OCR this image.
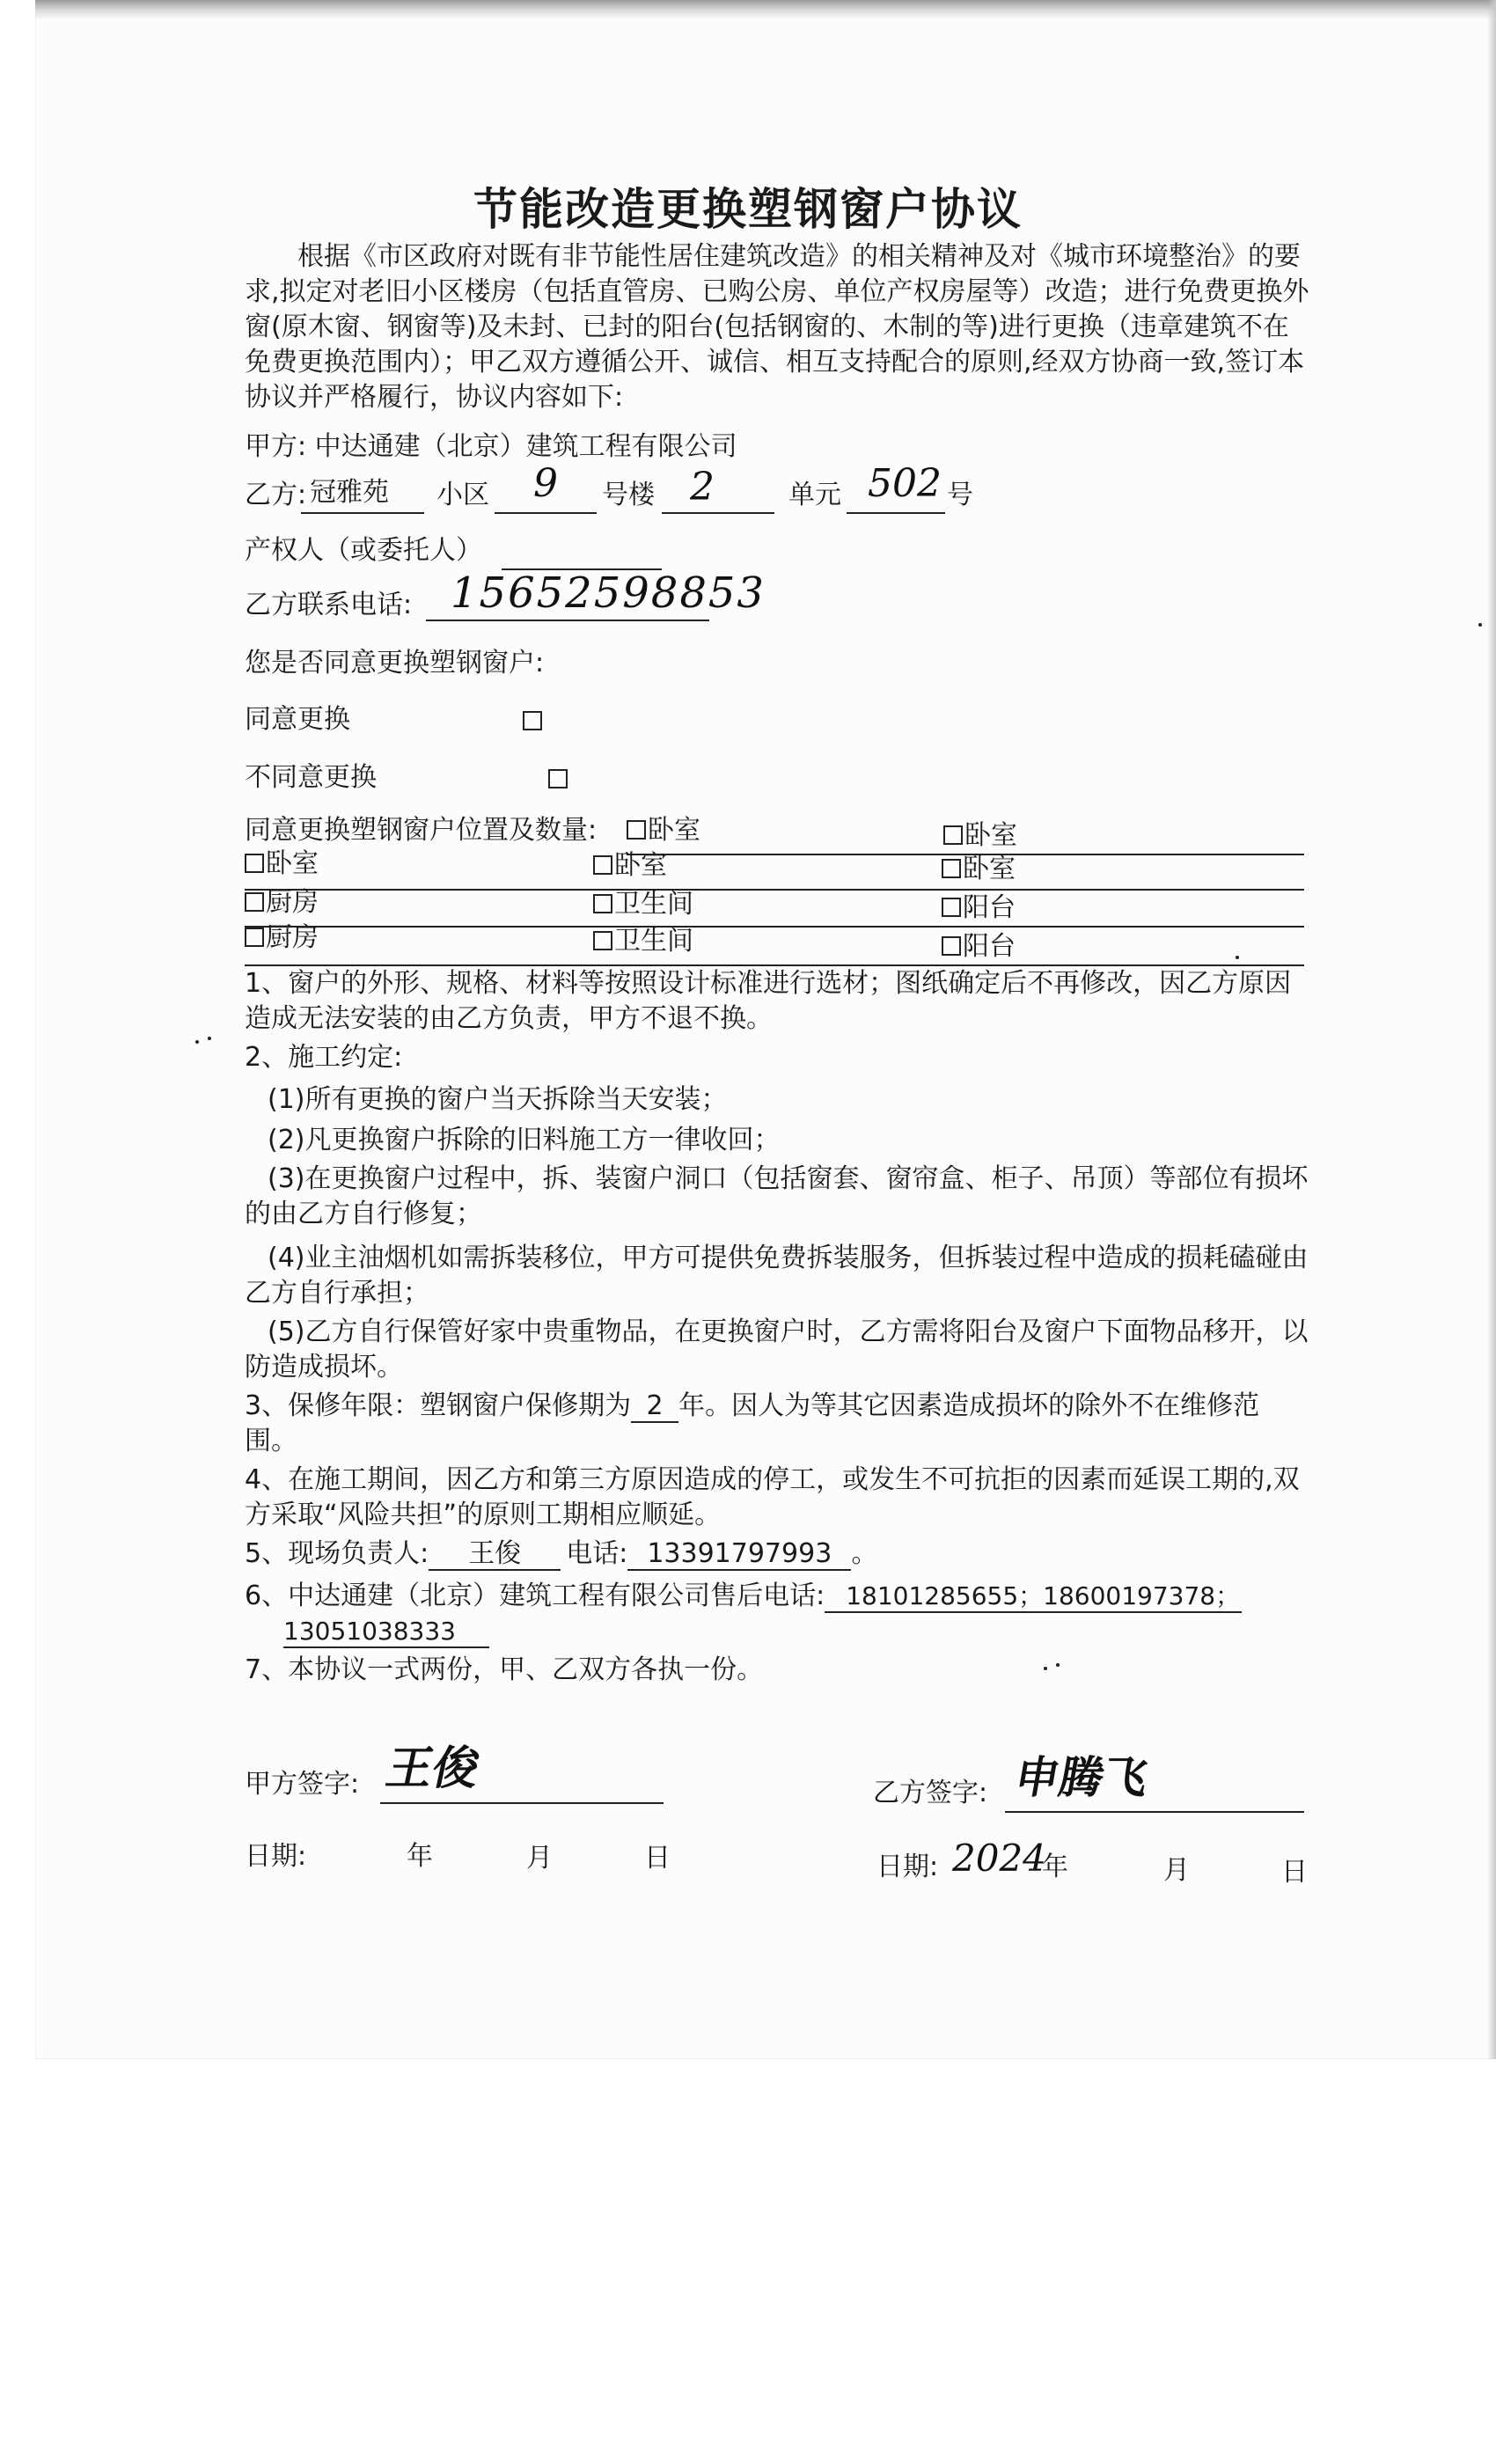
节能改造更换塑钢窗户协议
根据《市区政府对既有非节能性居住建筑改造》的相关精神及对《城市环境整治》的要求,拟定对老旧小区楼房（包括直管房、已购公房、单位产权房屋等）改造；进行免费更换外窗(原木窗、钢窗等)及未封、已封的阳台(包括钢窗的、木制的等)进行更换（违章建筑不在免费更换范围内）；甲乙双方遵循公开、诚信、相互支持配合的原则,经双方协商一致,签订本协议并严格履行，协议内容如下:
甲方: 中达通建（北京）建筑工程有限公司
乙方: 冠雅苑 小区 9 号楼 2	单元 502 号
产权人（或委托人）
乙方联系电话: 15652598853
您是否同意更换塑钢窗户:
同意更换

不同意更换
同意更换塑钢窗户位置及数量:	卧室	卧室
卧室	卧室	卧室
厨房	卫生间	阳台
厨房	卫生间	阳台
1、窗户的外形、规格、材料等按照设计标准进行选材；图纸确定后不再修改，因乙方原因造成无法安装的由乙方负责，甲方不退不换。
2、施工约定:
(1)所有更换的窗户当天拆除当天安装；
(2)凡更换窗户拆除的旧料施工方一律收回；
(3)在更换窗户过程中，拆、装窗户洞口（包括窗套、窗帘盒、柜子、吊顶）等部位有损坏的由乙方自行修复；
(4)业主油烟机如需拆装移位，甲方可提供免费拆装服务，但拆装过程中造成的损耗磕碰由乙方自行承担；
(5)乙方自行保管好家中贵重物品，在更换窗户时，乙方需将阳台及窗户下面物品移开，以防造成损坏。
3、保修年限：塑钢窗户保修期为 2 年。因人为等其它因素造成损坏的除外不在维修范围。
4、在施工期间，因乙方和第三方原因造成的停工，或发生不可抗拒的因素而延误工期的,双方采取“风险共担”的原则工期相应顺延。
5、现场负责人: 王俊 电话: 13391797993 。
6、中达通建（北京）建筑工程有限公司售后电话: 18101285655；18600197378；
13051038333
7、本协议一式两份，甲、乙双方各执一份。
甲方签字: 王俊	乙方签字: 申腾飞
日期:	年	月	日	日期: 2024
年	月	日
